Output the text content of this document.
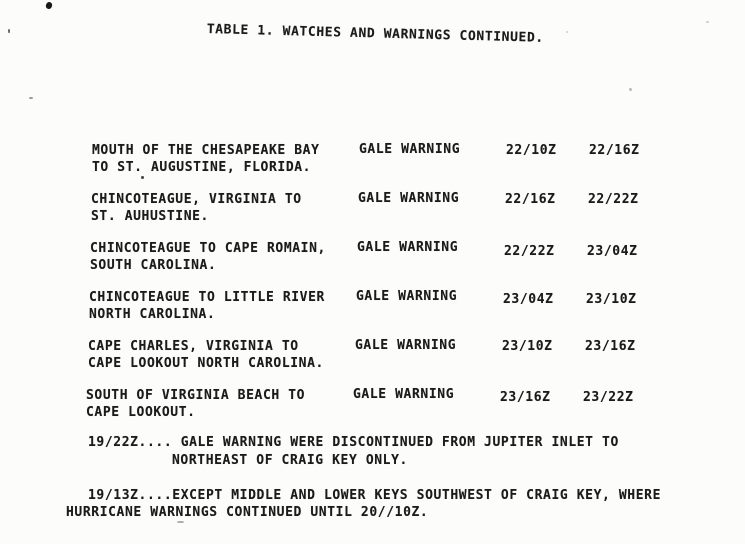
TABLE 1. WATCHES AND WARNINGS CONTINUED.
MOUTH OF THE CHESAPEAKE BAY
TO ST. AUGUSTINE, FLORIDA.
GALE WARNING	22/10Z 22/16Z
CHINCOTEAGUE, VIRGINIA TO
ST. AUHUSTINE.
GALE WARNING	22/16Z 22/22Z
CHINCOTEAGUE TO CAPE ROMAIN,
SOUTH CAROLINA.
GALE WARNING	22/22Z 23/04Z
CHINCOTEAGUE TO LITTLE RIVER
NORTH CAROLINA.
GALE WARNING	23/04Z 23/10Z
CAPE CHARLES, VIRGINIA TO
CAPE LOOKOUT NORTH CAROLINA.
GALE WARNING	23/10Z 23/16Z
SOUTH OF VIRGINIA BEACH TO
CAPE LOOKOUT.
GALE WARNING	23/16Z 23/22Z
19/22Z.... GALE WARNING WERE DISCONTINUED FROM JUPITER INLET TO
NORTHEAST OF CRAIG KEY ONLY.
19/13Z....EXCEPT MIDDLE AND LOWER KEYS SOUTHWEST OF CRAIG KEY, WHERE
HURRICANE WARNINGS CONTINUED UNTIL 20//10Z.
